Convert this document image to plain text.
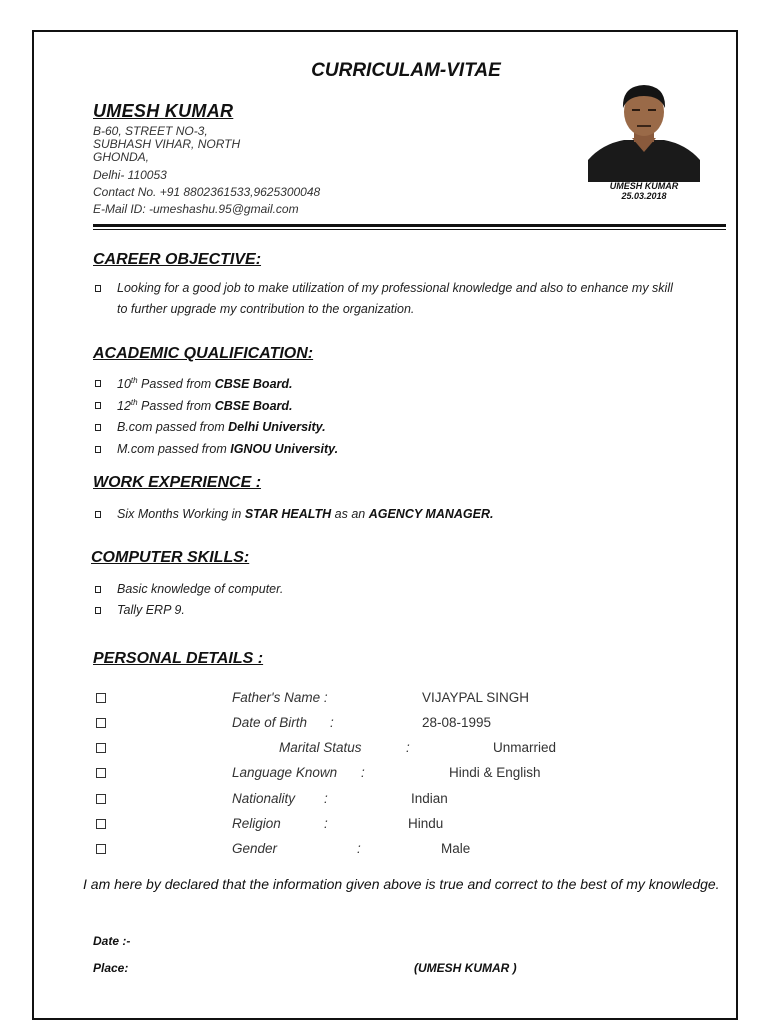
CURRICULAM-VITAE
UMESH KUMAR
B-60, STREET NO-3,
SUBHASH VIHAR, NORTH
GHONDA,
Delhi- 110053
Contact No. +91 8802361533,9625300048
E-Mail ID: -umeshashu.95@gmail.com
UMESH KUMAR
25.03.2018
CAREER OBJECTIVE:
Looking for a good job to make utilization of my professional knowledge and also to enhance my skill
to further upgrade my contribution to the organization.
ACADEMIC QUALIFICATION:
10th Passed from CBSE Board.
12th Passed from CBSE Board.
B.com passed from Delhi University.
M.com passed from IGNOU University.
WORK EXPERIENCE :
Six Months Working in STAR HEALTH as an AGENCY MANAGER.
COMPUTER SKILLS:
Basic knowledge of computer.
Tally ERP 9.
PERSONAL DETAILS :
Father's Name :	VIJAYPAL SINGH
Date of Birth :	28-08-1995
Marital Status	:	Unmarried
Language Known :	Hindi & English
Nationality :	Indian
Religion	:	Hindu
Gender	:	Male
I am here by declared that the information given above is true and correct to the best of my knowledge.
Date :-
Place:	(UMESH KUMAR )
